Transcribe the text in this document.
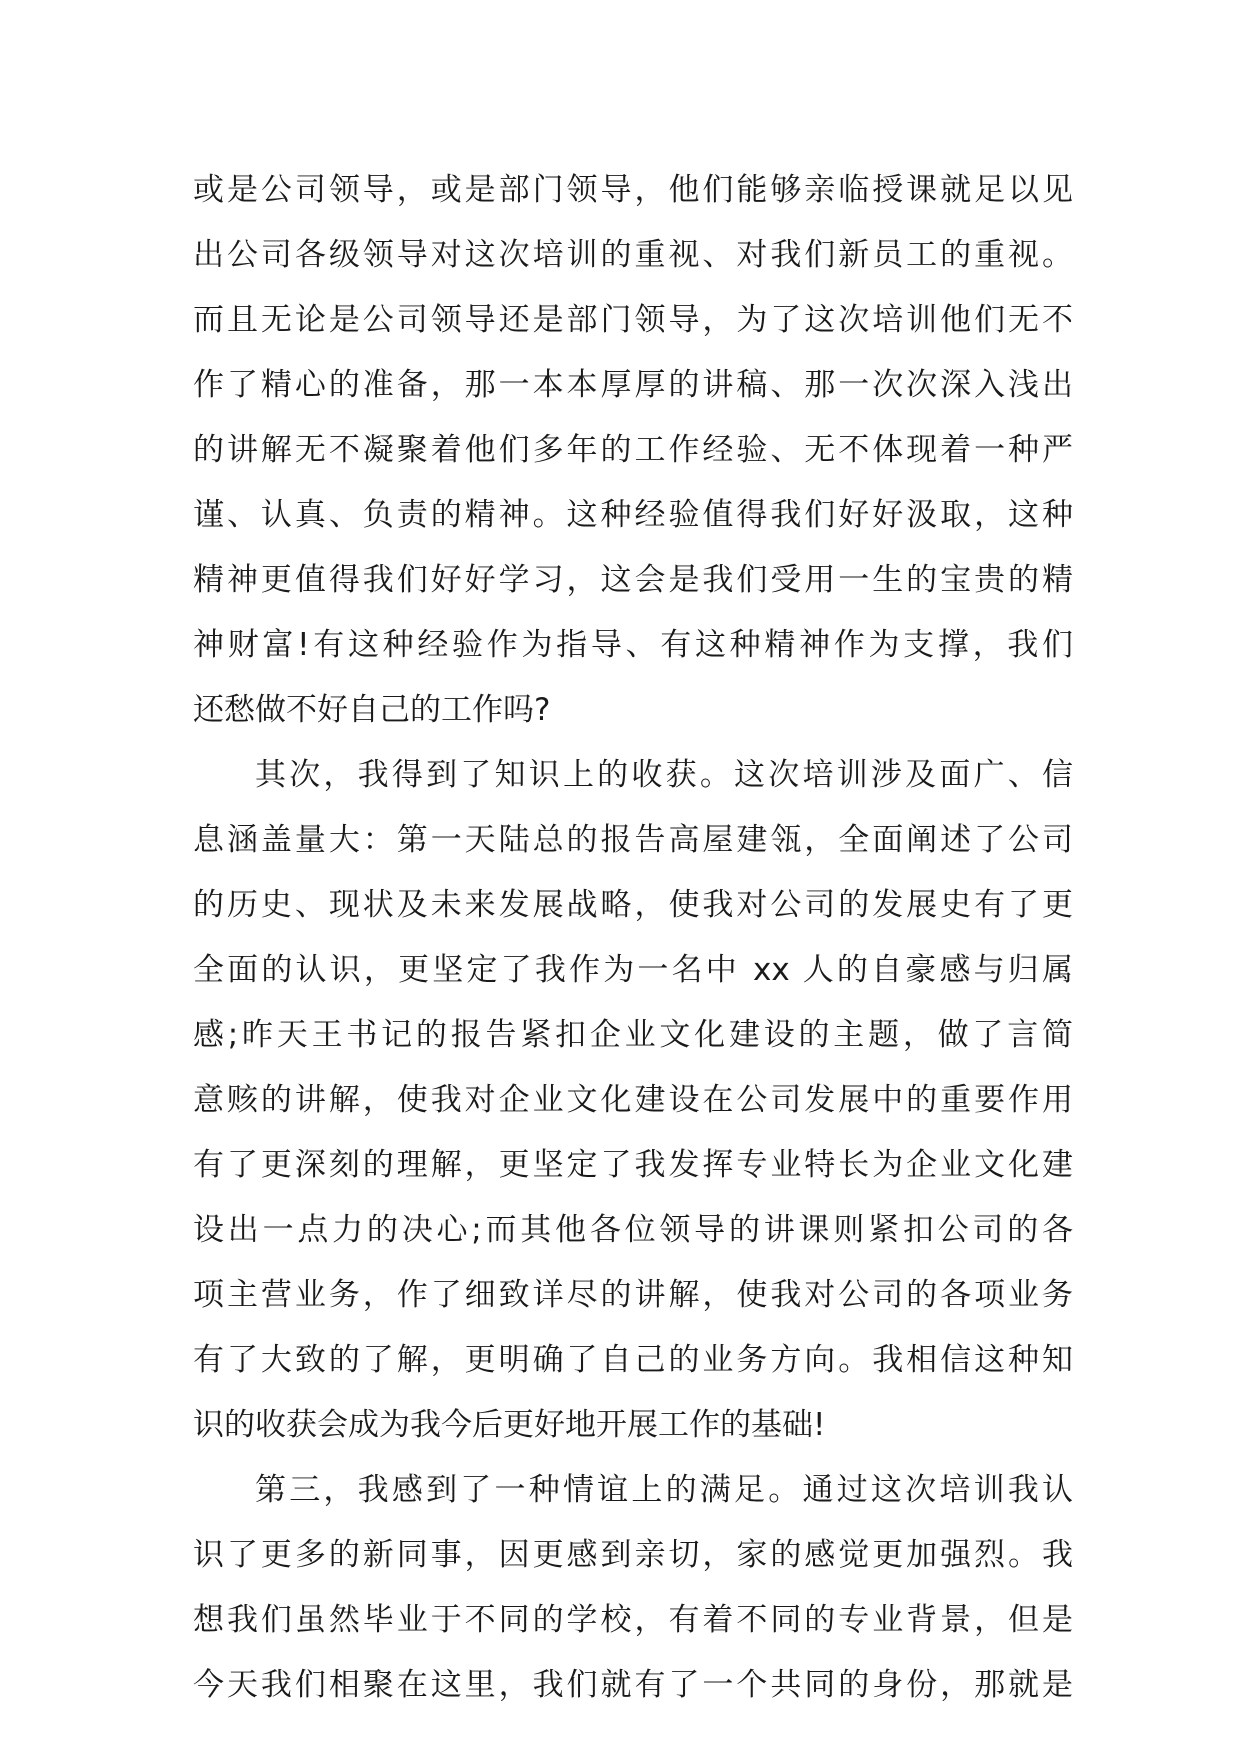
或是公司领导，或是部门领导，他们能够亲临授课就足以见
出公司各级领导对这次培训的重视、对我们新员工的重视。
而且无论是公司领导还是部门领导，为了这次培训他们无不
作了精心的准备，那一本本厚厚的讲稿、那一次次深入浅出
的讲解无不凝聚着他们多年的工作经验、无不体现着一种严
谨、认真、负责的精神。这种经验值得我们好好汲取，这种
精神更值得我们好好学习，这会是我们受用一生的宝贵的精
神财富!有这种经验作为指导、有这种精神作为支撑，我们
还愁做不好自己的工作吗?
其次，我得到了知识上的收获。这次培训涉及面广、信
息涵盖量大：第一天陆总的报告高屋建瓴，全面阐述了公司
的历史、现状及未来发展战略，使我对公司的发展史有了更
全面的认识，更坚定了我作为一名中 xx 人的自豪感与归属
感;昨天王书记的报告紧扣企业文化建设的主题，做了言简
意赅的讲解，使我对企业文化建设在公司发展中的重要作用
有了更深刻的理解，更坚定了我发挥专业特长为企业文化建
设出一点力的决心;而其他各位领导的讲课则紧扣公司的各
项主营业务，作了细致详尽的讲解，使我对公司的各项业务
有了大致的了解，更明确了自己的业务方向。我相信这种知
识的收获会成为我今后更好地开展工作的基础!
第三，我感到了一种情谊上的满足。通过这次培训我认
识了更多的新同事，因更感到亲切，家的感觉更加强烈。我
想我们虽然毕业于不同的学校，有着不同的专业背景，但是
今天我们相聚在这里，我们就有了一个共同的身份，那就是
